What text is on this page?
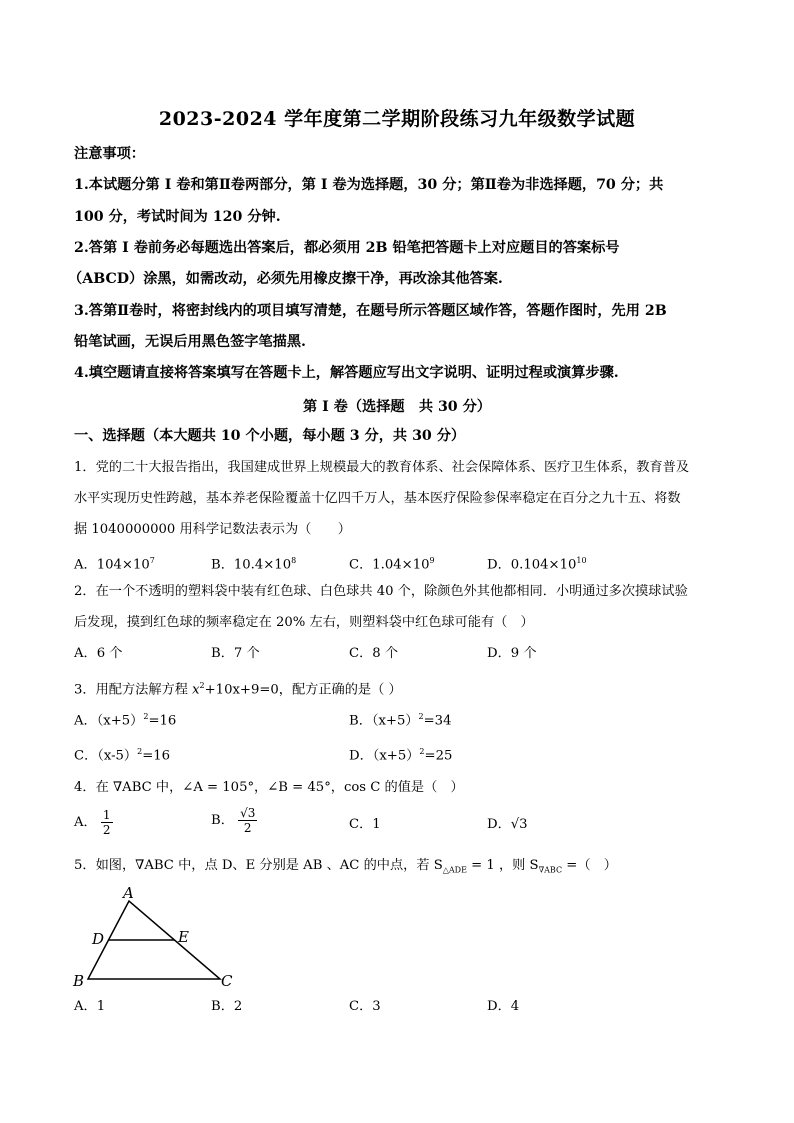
2023-2024 学年度第二学期阶段练习九年级数学试题
注意事项：
1.本试题分第 I 卷和第Ⅱ卷两部分，第 I 卷为选择题，30 分；第Ⅱ卷为非选择题，70 分；共
100 分，考试时间为 120 分钟.
2.答第 I 卷前务必每题选出答案后，都必须用 2B 铅笔把答题卡上对应题目的答案标号
（ABCD）涂黑，如需改动，必须先用橡皮擦干净，再改涂其他答案.
3.答第Ⅱ卷时，将密封线内的项目填写清楚，在题号所示答题区域作答，答题作图时，先用 2B
铅笔试画，无误后用黑色签字笔描黑.
4.填空题请直接将答案填写在答题卡上，解答题应写出文字说明、证明过程或演算步骤.
第 I 卷（选择题　共 30 分）
一、选择题（本大题共 10 个小题，每小题 3 分，共 30 分）
1．党的二十大报告指出，我国建成世界上规模最大的教育体系、社会保障体系、医疗卫生体系，教育普及
水平实现历史性跨越，基本养老保险覆盖十亿四千万人，基本医疗保险参保率稳定在百分之九十五、将数
据 1040000000 用科学记数法表示为（　　）
A．$104\times 10^7$	B．$10.4\times 10^8$	C．$1.04\times 10^9$	D．$0.104\times 10^{10}$
2．在一个不透明的塑料袋中装有红色球、白色球共 40 个，除颜色外其他都相同．小明通过多次摸球试验
后发现，摸到红色球的频率稳定在 20% 左右，则塑料袋中红色球可能有（　）
A．6 个	B．7 个	C．8 个	D．9 个
3．用配方法解方程 $x^2+10x+9=0$，配方正确的是（ ）
A．$(x+5)^2=16$	B．$(x+5)^2=34$
C．$(x-5)^2=16$	D．$(x+5)^2=25$
4．在 ∇ABC 中，∠A = 105°，∠B = 45°，cos C 的值是（　）
A． $\frac{1}{2}$	B． $\frac{√3}{2}$	C．1	D．√3
5．如图，∇ABC 中，点 D、E 分别是 AB 、AC 的中点，若 $S_{\triangle ADE} = 1$ ，则 $S_{\nabla ABC}$ =（　）
A
D	E
B	C
A．1	B．2	C．3	D．4
